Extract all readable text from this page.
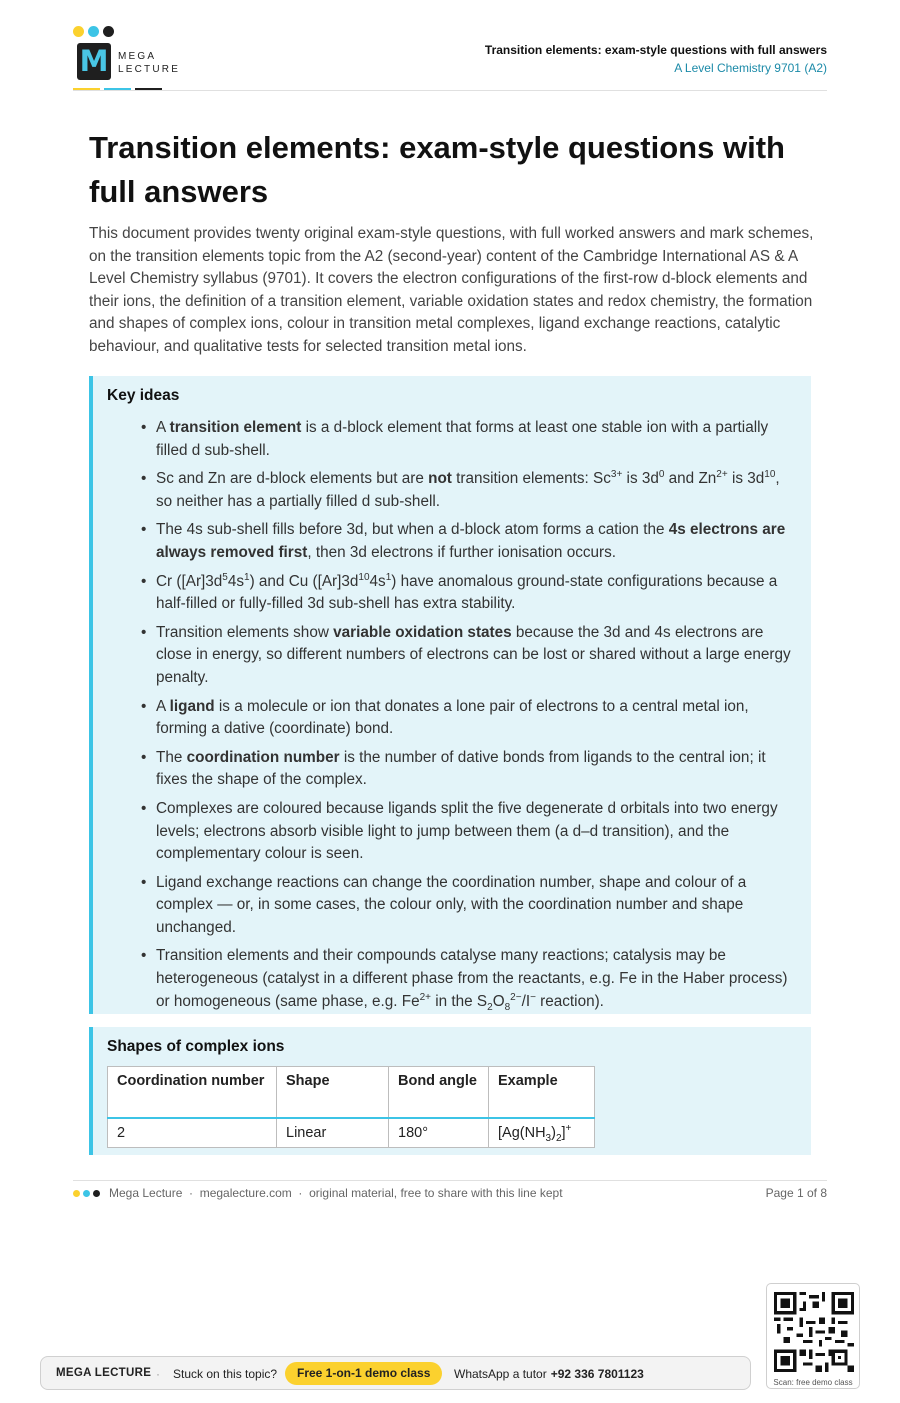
M MEGA
LECTURE
Transition elements: exam-style questions with full answers
A Level Chemistry 9701 (A2)
Transition elements: exam-style questions with full answers

This document provides twenty original exam-style questions, with full worked answers and mark schemes, on the transition elements topic from the A2 (second-year) content of the Cambridge International AS & A Level Chemistry syllabus (9701). It covers the electron configurations of the first-row d-block elements and their ions, the definition of a transition element, variable oxidation states and redox chemistry, the formation and shapes of complex ions, colour in transition metal complexes, ligand exchange reactions, catalytic behaviour, and qualitative tests for selected transition metal ions.

Key ideas
• A transition element is a d-block element that forms at least one stable ion with a partially filled d sub-shell.
• Sc and Zn are d-block elements but are not transition elements: $Sc^{3+}$ is $3d^0$ and $Zn^{2+}$ is $3d^{10}$, so neither has a partially filled d sub-shell.
• The 4s sub-shell fills before 3d, but when a d-block atom forms a cation the 4s electrons are always removed first, then 3d electrons if further ionisation occurs.
• Cr $([Ar]3d^54s^1)$ and Cu $([Ar]3d^{10}4s^1)$ have anomalous ground-state configurations because a half-filled or fully-filled 3d sub-shell has extra stability.
• Transition elements show variable oxidation states because the 3d and 4s electrons are close in energy, so different numbers of electrons can be lost or shared without a large energy penalty.
• A ligand is a molecule or ion that donates a lone pair of electrons to a central metal ion, forming a dative (coordinate) bond.
• The coordination number is the number of dative bonds from ligands to the central ion; it fixes the shape of the complex.
• Complexes are coloured because ligands split the five degenerate d orbitals into two energy levels; electrons absorb visible light to jump between them (a d–d transition), and the complementary colour is seen.
• Ligand exchange reactions can change the coordination number, shape and colour of a complex — or, in some cases, the colour only, with the coordination number and shape unchanged.
• Transition elements and their compounds catalyse many reactions; catalysis may be heterogeneous (catalyst in a different phase from the reactants, e.g. Fe in the Haber process) or homogeneous (same phase, e.g. $Fe^{2+}$ in the $S_2O_8^{2-}/I^-$ reaction).
Shapes of complex ions
Coordination number	Shape	Bond angle	Example
2	Linear	180°	$[Ag(NH_3)_2]^+$
Mega Lecture  ·  megalecture.com  ·  original material, free to share with this line kept	Page 1 of 8
Scan: free demo class
MEGA LECTURE · Stuck on this topic?	Free 1-on-1 demo class	WhatsApp a tutor +92 336 7801123
